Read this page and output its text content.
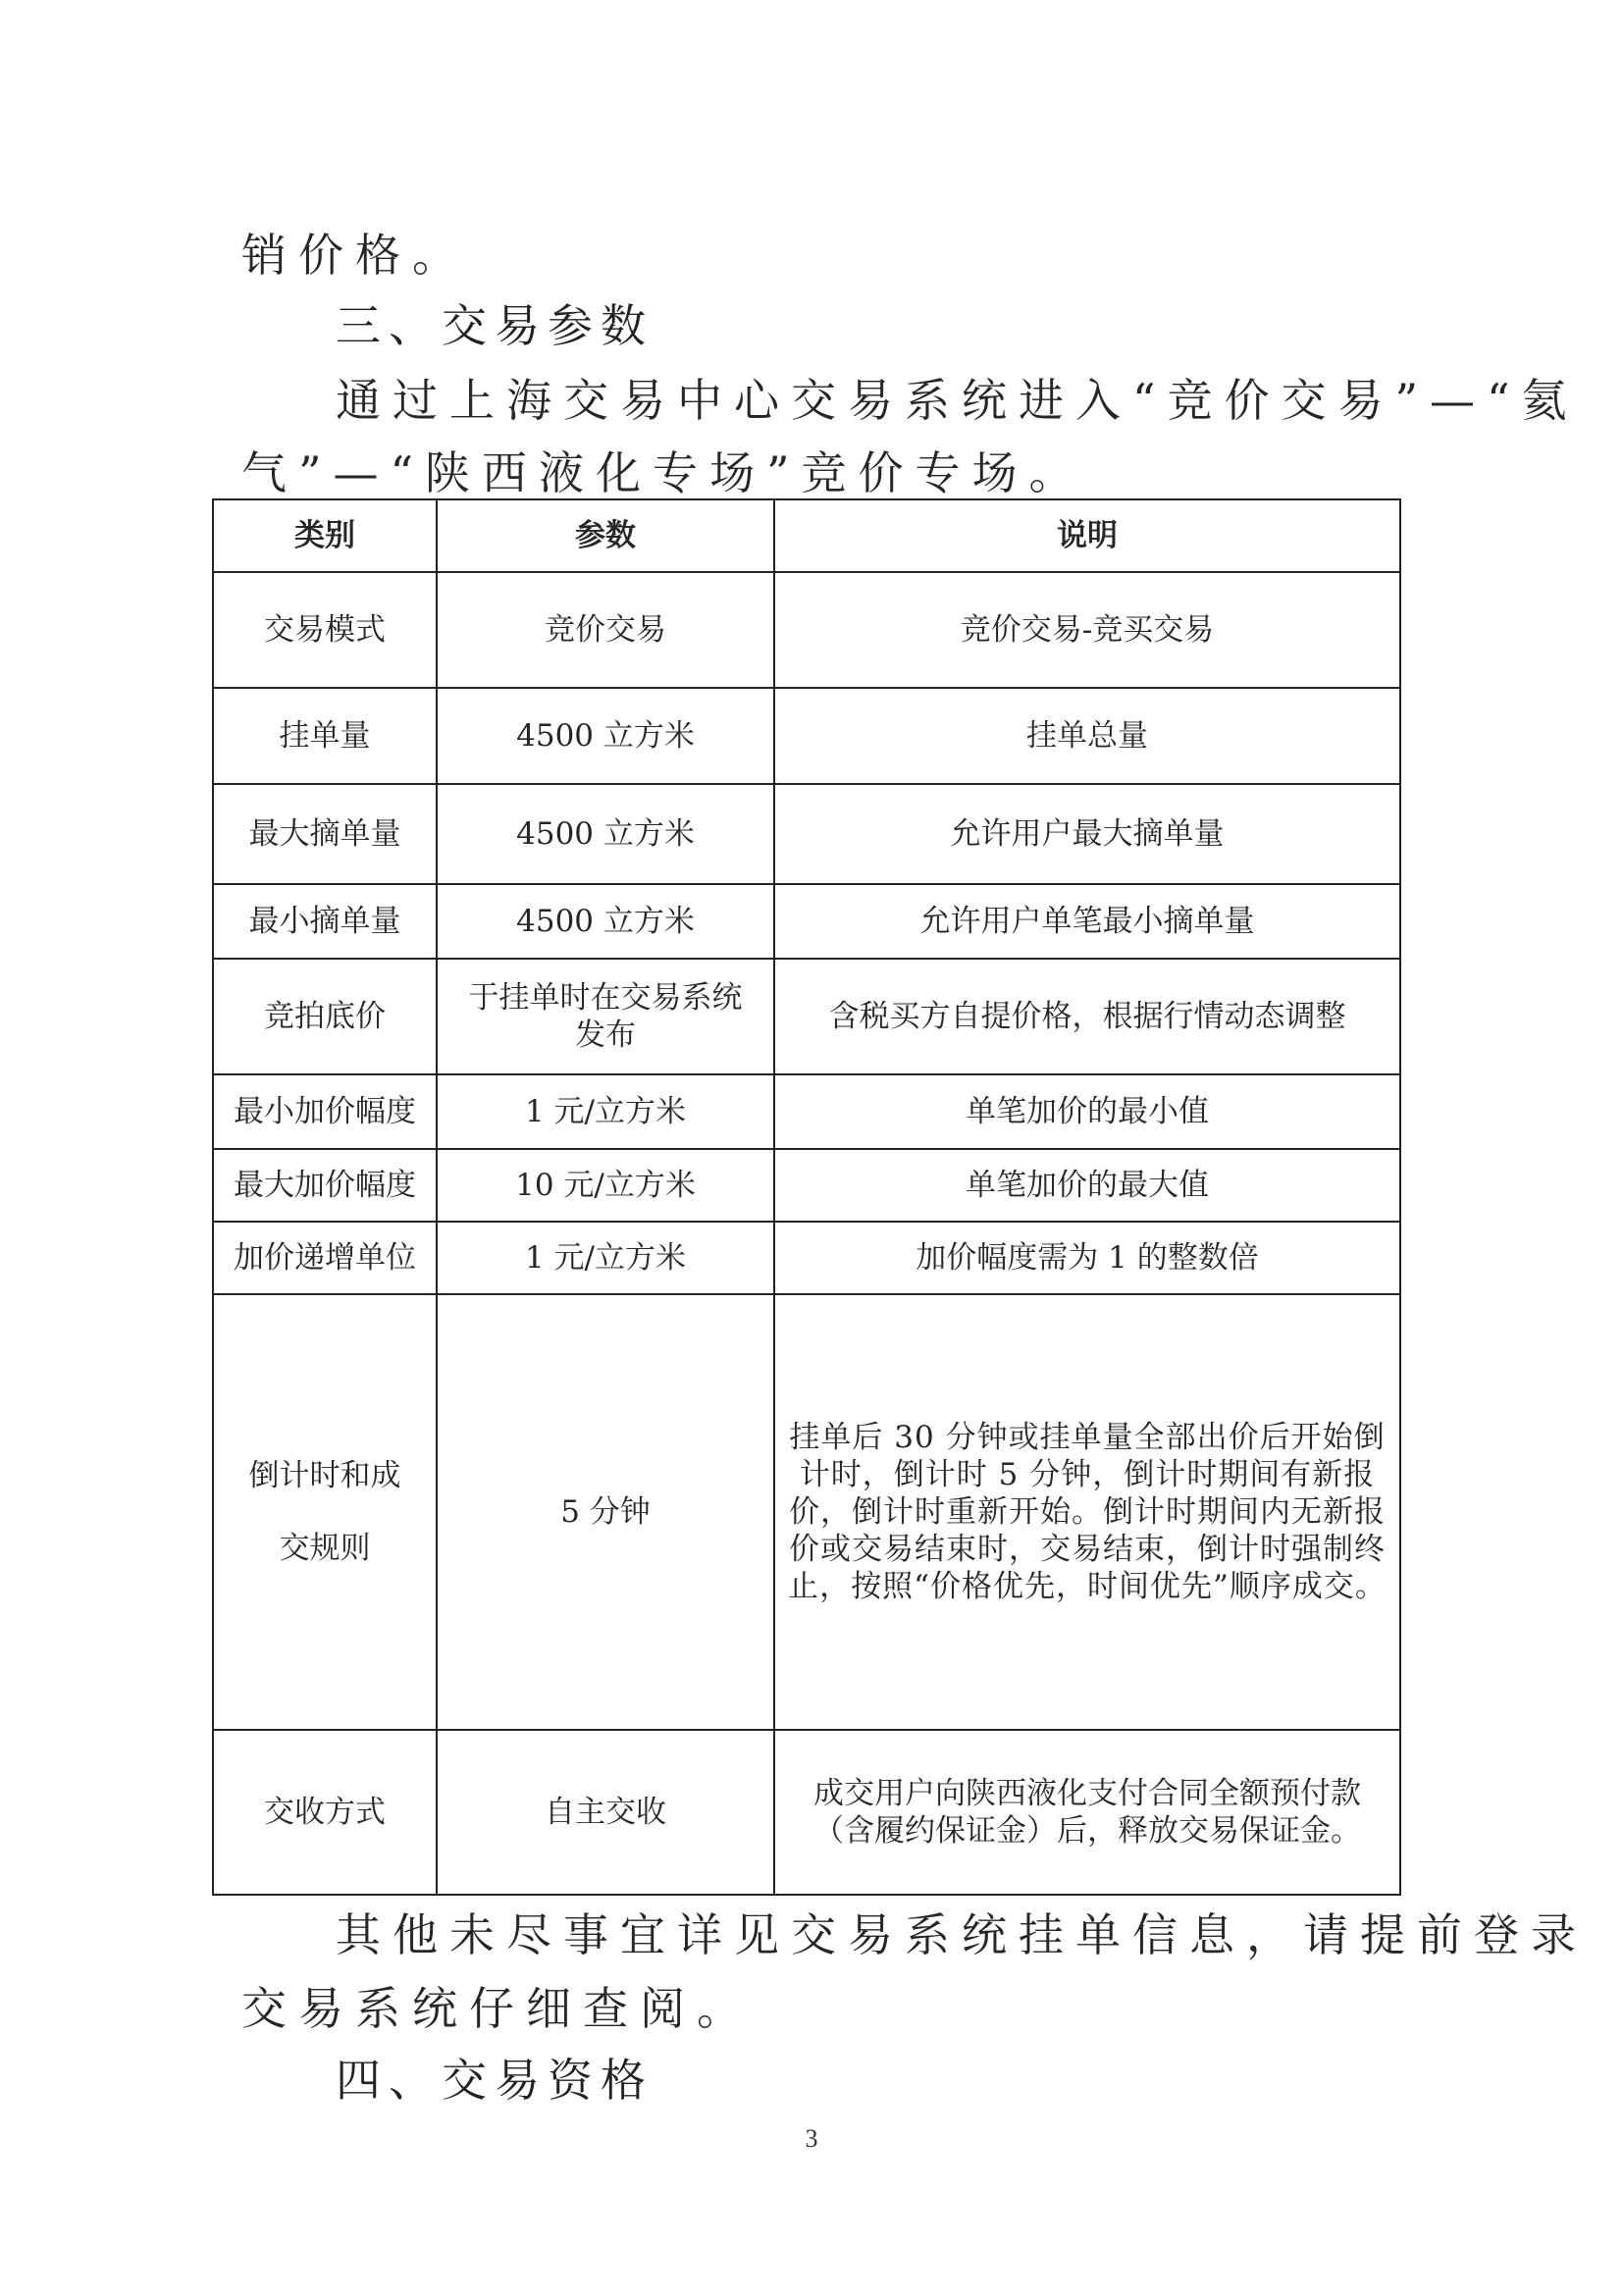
销价格。

三、交易参数

通过上海交易中心交易系统进入“竞价交易”—“氦

气”—“陕西液化专场”竞价专场。

类别	参数	说明
交易模式	竞价交易	竞价交易-竞买交易
挂单量	4500 立方米	挂单总量
最大摘单量	4500 立方米	允许用户最大摘单量
最小摘单量	4500 立方米	允许用户单笔最小摘单量
竞拍底价	于挂单时在交易系统发布	含税买方自提价格，根据行情动态调整
最小加价幅度	1 元/立方米	单笔加价的最小值
最大加价幅度	10 元/立方米	单笔加价的最大值
加价递增单位	1 元/立方米	加价幅度需为 1 的整数倍
倒计时和成交规则	5 分钟	挂单后 30 分钟或挂单量全部出价后开始倒计时，倒计时 5 分钟，倒计时期间有新报价，倒计时重新开始。倒计时期间内无新报价或交易结束时，交易结束，倒计时强制终止，按照“价格优先，时间优先”顺序成交。
交收方式	自主交收	成交用户向陕西液化支付合同全额预付款（含履约保证金）后，释放交易保证金。

其他未尽事宜详见交易系统挂单信息，请提前登录

交易系统仔细查阅。

四、交易资格

3
